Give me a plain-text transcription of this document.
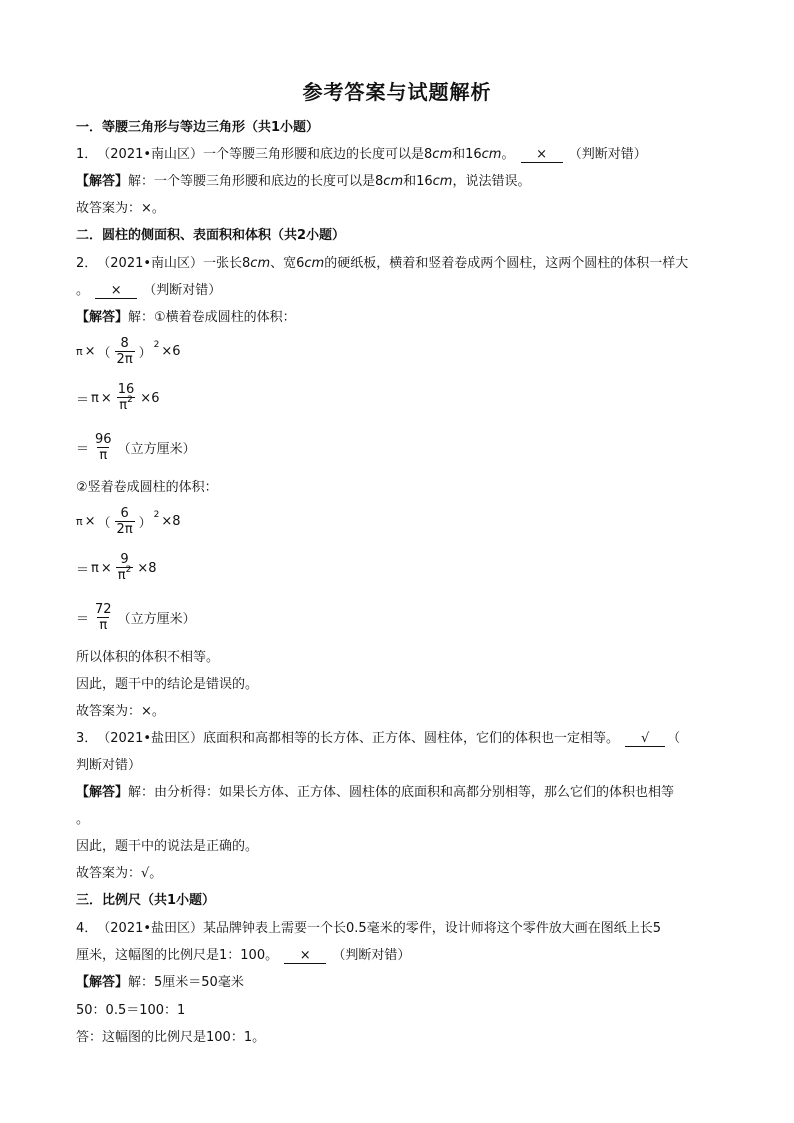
参考答案与试题解析
一．等腰三角形与等边三角形（共1小题）
1．　（2021•南山区）一个等腰三角形腰和底边的长度可以是8cm和16cm。 × （判断对错）
【解答】解：一个等腰三角形腰和底边的长度可以是8cm和16cm，说法错误。
故答案为：×。
二．圆柱的侧面积、表面积和体积（共2小题）
2．　（2021•南山区）一张长8cm、宽6cm的硬纸板，横着和竖着卷成两个圆柱，这两个圆柱的体积一样大
。 × （判断对错）
【解答】解：①横着卷成圆柱的体积：
π × （ $\frac{8}{2\pi}$ ）
2 ×6
＝ $\pi \times \frac{16}{\pi^2} \times 6$
＝ $\frac{96}{\pi}$ （立方厘米）
②竖着卷成圆柱的体积：
π × （ $\frac{6}{2\pi}$ ）
2 ×8
＝ $\pi \times \frac{9}{\pi^2} \times 8$
＝ $\frac{72}{\pi}$ （立方厘米）
所以体积的体积不相等。
因此，题干中的结论是错误的。
故答案为：×。
3．　（2021•盐田区）底面积和高都相等的长方体、正方体、圆柱体，它们的体积也一定相等。 √ （
判断对错）
【解答】解：由分析得：如果长方体、正方体、圆柱体的底面积和高都分别相等，那么它们的体积也相等
。
因此，题干中的说法是正确的。
故答案为：√。
三．比例尺（共1小题）
4．　（2021•盐田区）某品牌钟表上需要一个长0.5毫米的零件，设计师将这个零件放大画在图纸上长5
厘米，这幅图的比例尺是1：100。 × （判断对错）
【解答】解：5厘米＝50毫米
50：0.5＝100：1
答：这幅图的比例尺是100：1。
